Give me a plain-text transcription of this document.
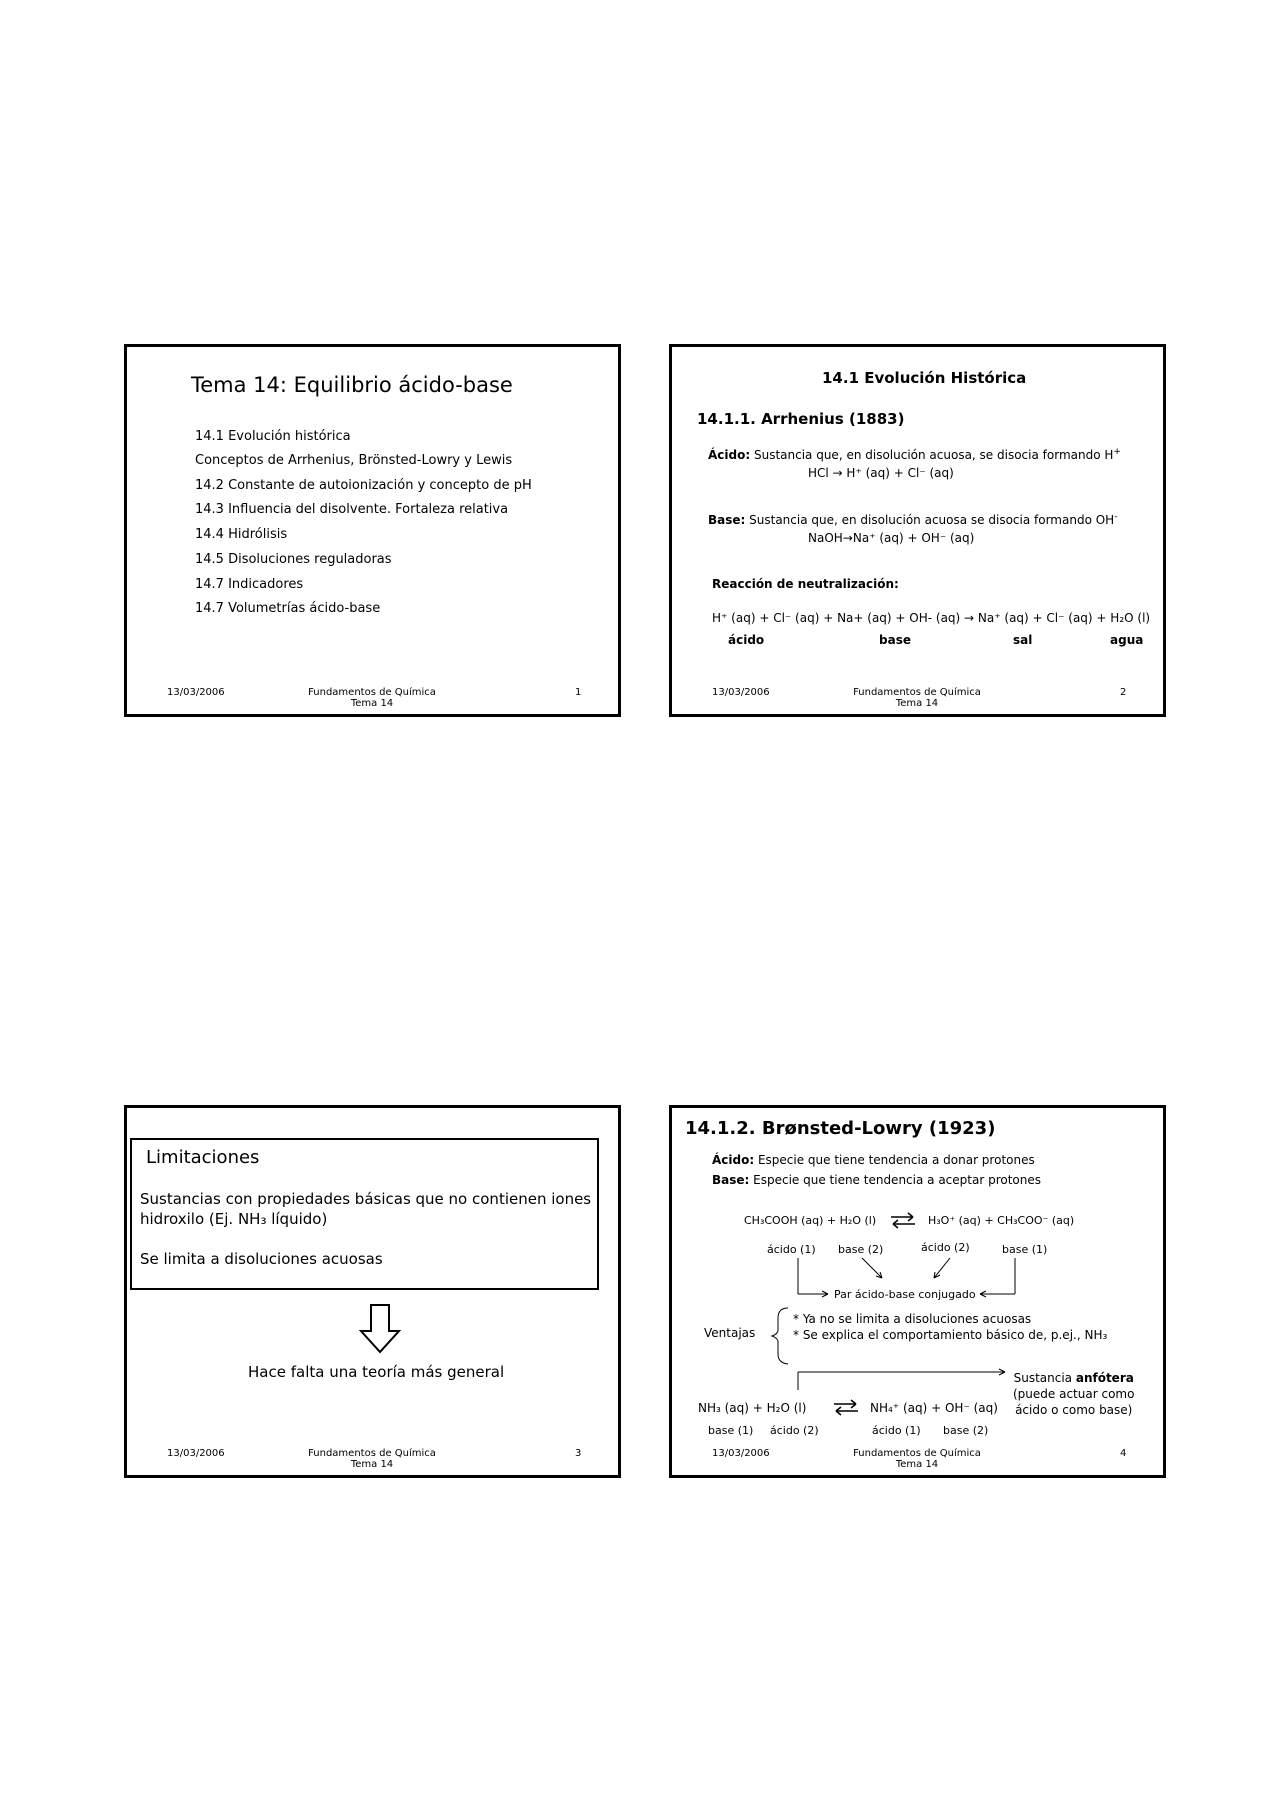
Tema 14: Equilibrio ácido-base
14.1 Evolución histórica
Conceptos de Arrhenius, Brönsted-Lowry y Lewis
14.2 Constante de autoionización y concepto de pH
14.3 Influencia del disolvente. Fortaleza relativa
14.4 Hidrólisis
14.5 Disoluciones reguladoras
14.7 Indicadores
14.7 Volumetrías ácido-base
13/03/2006	Fundamentos de Química
Tema 14
1
14.1 Evolución Histórica
14.1.1. Arrhenius (1883)
Ácido: Sustancia que, en disolución acuosa, se disocia formando H+
HCl → H⁺ (aq) + Cl⁻ (aq)
Base: Sustancia que, en disolución acuosa se disocia formando OH-
NaOH→Na⁺ (aq) + OH⁻ (aq)
Reacción de neutralización:
H⁺ (aq) + Cl⁻ (aq) + Na+ (aq) + OH- (aq) → Na⁺ (aq) + Cl⁻ (aq) + H₂O (l)
ácido	base	sal	agua
13/03/2006	Fundamentos de Química
Tema 14
2
Limitaciones
Sustancias con propiedades básicas que no contienen iones
hidroxilo (Ej. NH₃ líquido)
Se limita a disoluciones acuosas
Hace falta una teoría más general
13/03/2006	Fundamentos de Química
Tema 14
3
14.1.2. Brønsted-Lowry (1923)
Ácido: Especie que tiene tendencia a donar protones
Base: Especie que tiene tendencia a aceptar protones
CH₃COOH (aq) + H₂O (l) ⇌ H₃O⁺ (aq) + CH₃COO⁻ (aq)
ácido (1) base (2)	ácido (2)	base (1)
Par ácido-base conjugado
Ventajas
* Ya no se limita a disoluciones acuosas
* Se explica el comportamiento básico de, p.ej., NH₃
Sustancia anfótera
(puede actuar como
ácido o como base)
NH₃ (aq) + H₂O (l) ⇌ NH₄⁺ (aq) + OH⁻ (aq)
base (1) ácido (2)	ácido (1) base (2)
13/03/2006	Fundamentos de Química
Tema 14
4
